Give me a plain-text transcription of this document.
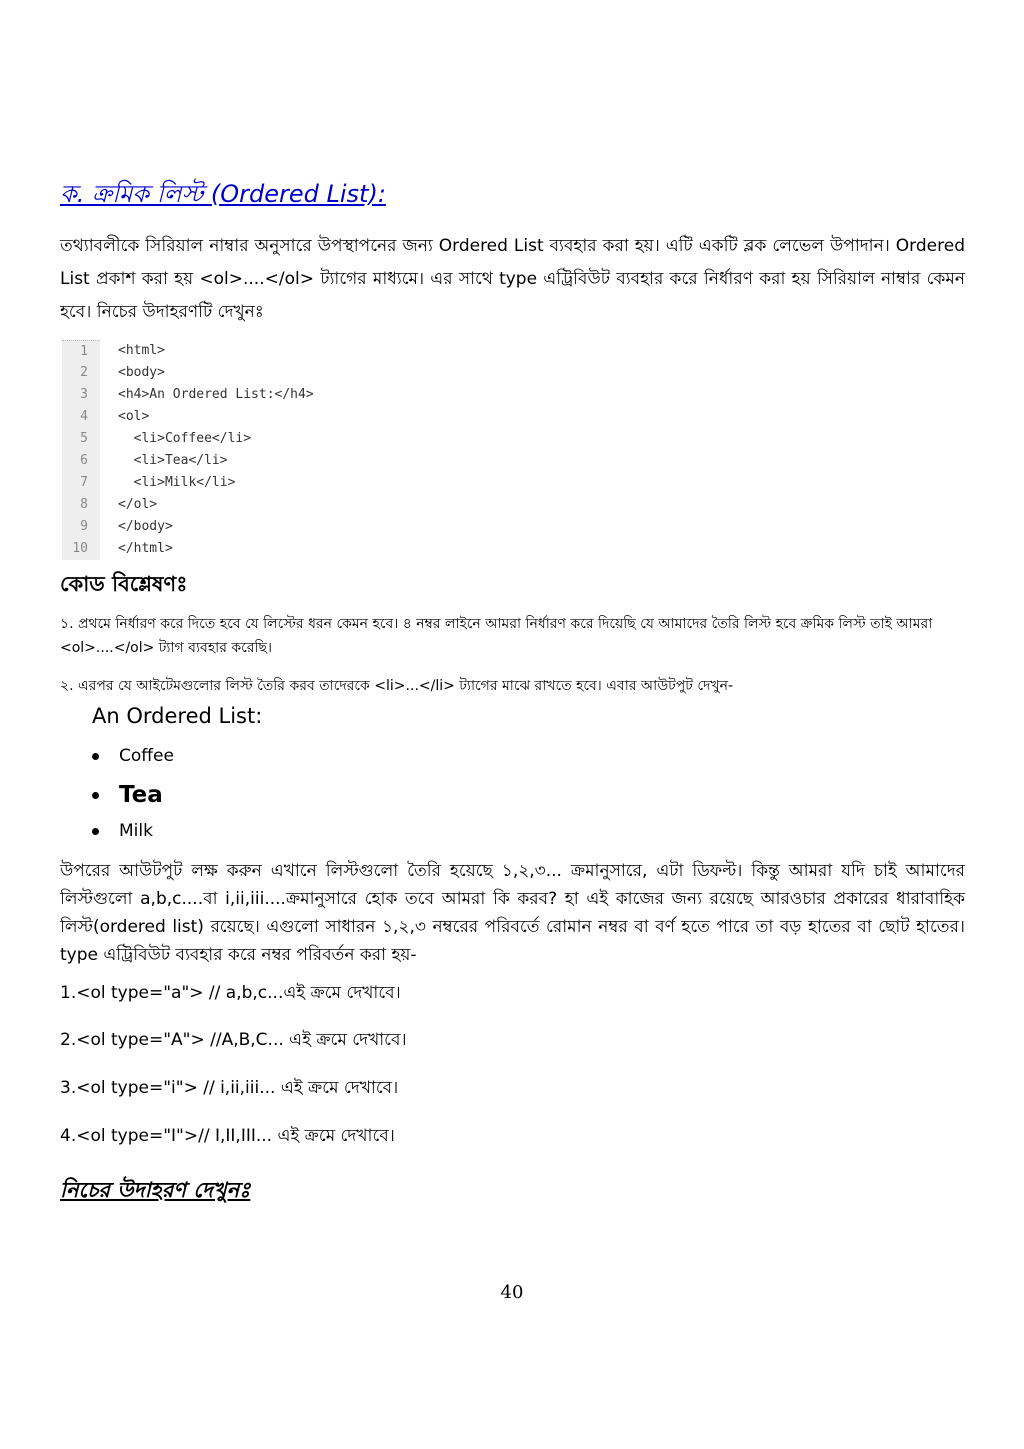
ক. ক্রমিক লিস্ট (Ordered List):

তথ্যাবলীকে সিরিয়াল নাম্বার অনুসারে উপস্থাপনের জন্য Ordered List ব্যবহার করা হয়। এটি একটি ব্লক লেভেল উপাদান। Ordered List প্রকাশ করা হয় <ol>....</ol> ট্যাগের মাধ্যমে। এর সাথে type এট্রিবিউট ব্যবহার করে নির্ধারণ করা হয় সিরিয়াল নাম্বার কেমন হবে। নিচের উদাহরণটি দেখুনঃ

1	<html>
2	<body>
3	<h4>An Ordered List:</h4>
4	<ol>
5	<li>Coffee</li>
6	<li>Tea</li>
7	<li>Milk</li>
8	</ol>
9	</body>
10	</html>
কোড বিশ্লেষণঃ

১. প্রথমে নির্ধারণ করে দিতে হবে যে লিস্টের ধরন কেমন হবে। ৪ নম্বর লাইনে আমরা নির্ধারণ করে দিয়েছি যে আমাদের তৈরি লিস্ট হবে ক্রমিক লিস্ট তাই আমরা <ol>....</ol> ট্যাগ ব্যবহার করেছি।

২. এরপর যে আইটেমগুলোর লিস্ট তৈরি করব তাদেরকে <li>...</li> ট্যাগের মাঝে রাখতে হবে। এবার আউটপুট দেখুন-

An Ordered List:
Coffee
Tea
Milk

উপরের আউটপুট লক্ষ করুন এখানে লিস্টগুলো তৈরি হয়েছে ১,২,৩... ক্রমানুসারে, এটা ডিফল্ট। কিন্তু আমরা যদি চাই আমাদের লিস্টগুলো a,b,c....বা i,ii,iii....ক্রমানুসারে হোক তবে আমরা কি করব? হা এই কাজের জন্য রয়েছে আরওচার প্রকারের ধারাবাহিক লিস্ট(ordered list) রয়েছে। এগুলো সাধারন ১,২,৩ নম্বরের পরিবর্তে রোমান নম্বর বা বর্ণ হতে পারে তা বড় হাতের বা ছোট হাতের। type এট্রিবিউট ব্যবহার করে নম্বর পরিবর্তন করা হয়-

1.<ol type="a"> // a,b,c...এই ক্রমে দেখাবে।
2.<ol type="A"> //A,B,C... এই ক্রমে দেখাবে।
3.<ol type="i"> // i,ii,iii... এই ক্রমে দেখাবে।
4.<ol type="I">// I,II,III... এই ক্রমে দেখাবে।
নিচের উদাহরণ দেখুনঃ
40
